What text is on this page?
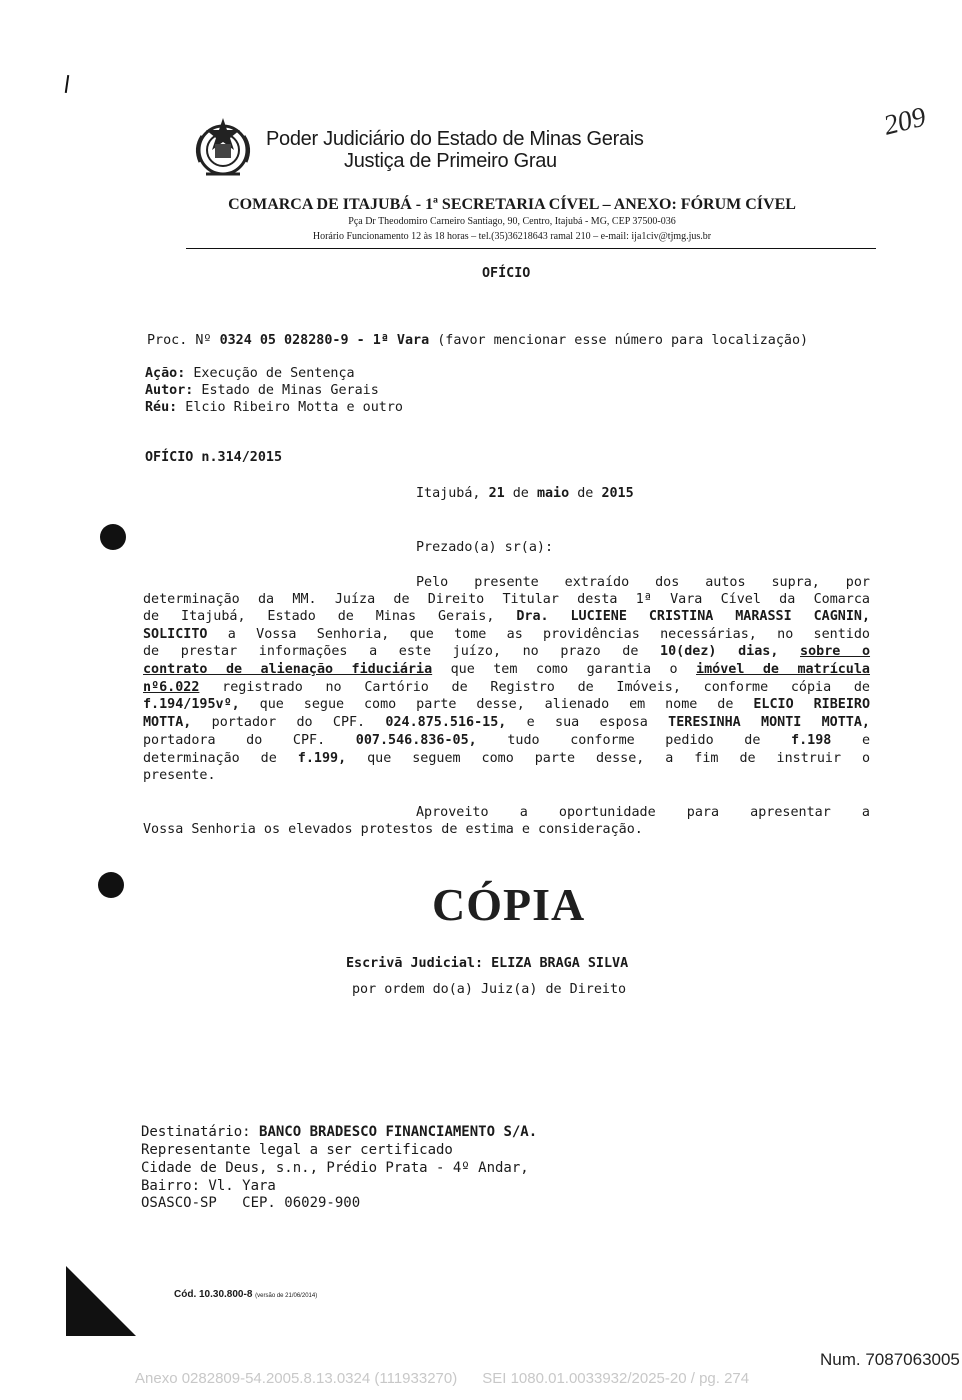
Poder Judiciário do Estado de Minas Gerais
Justiça de Primeiro Grau
209
COMARCA DE ITAJUBÁ - 1ª SECRETARIA CÍVEL – ANEXO: FÓRUM CÍVEL
Pça Dr Theodomiro Carneiro Santiago, 90, Centro, Itajubá - MG, CEP 37500-036
Horário Funcionamento 12 às 18 horas – tel.(35)36218643 ramal 210 – e-mail: ija1civ@tjmg.jus.br
OFÍCIO

Proc. Nº 0324 05 028280-9 - 1ª Vara (favor mencionar esse número para localização)
Ação: Execução de Sentença
Autor: Estado de Minas Gerais
Réu: Elcio Ribeiro Motta e outro
OFÍCIO n.314/2015
Itajubá, 21 de maio de 2015
Prezado(a) sr(a):
Pelo presente extraído dos autos supra, por
determinação da MM. Juíza de Direito Titular desta 1ª Vara Cível da Comarca
de Itajubá, Estado de Minas Gerais, Dra. LUCIENE CRISTINA MARASSI CAGNIN,
SOLICITO a Vossa Senhoria, que tome as providências necessárias, no sentido
de prestar informações a este juízo, no prazo de 10(dez) dias, sobre o
contrato de alienação fiduciária que tem como garantia o imóvel de matrícula
nº6.022 registrado no Cartório de Registro de Imóveis, conforme cópia de
f.194/195vº, que segue como parte desse, alienado em nome de ELCIO RIBEIRO
MOTTA, portador do CPF. 024.875.516-15, e sua esposa TERESINHA MONTI MOTTA,
portadora do CPF. 007.546.836-05, tudo conforme pedido de f.198 e
determinação de f.199, que seguem como parte desse, a fim de instruir o
presente.
Aproveito a oportunidade para apresentar a
Vossa Senhoria os elevados protestos de estima e consideração.
CÓPIA
Escrivã Judicial: ELIZA BRAGA SILVA
por ordem do(a) Juiz(a) de Direito
Destinatário: BANCO BRADESCO FINANCIAMENTO S/A.
Representante legal a ser certificado
Cidade de Deus, s.n., Prédio Prata - 4º Andar,
Bairro: Vl. Yara
OSASCO-SP   CEP. 06029-900
Cód. 10.30.800-8 (versão de 21/06/2014)
Num. 7087063005
Anexo 0282809-54.2005.8.13.0324 (111933270)      SEI 1080.01.0033932/2025-20 / pg. 274
